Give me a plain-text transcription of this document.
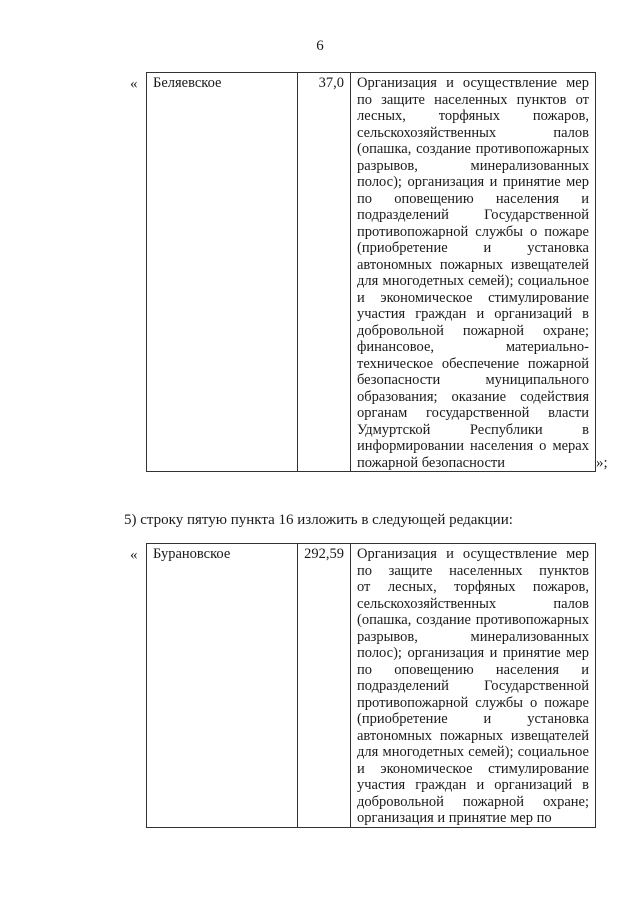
6
« Беляевское	37,0	Организация и осуществление мер
по защите населенных пунктов от
лесных, торфяных пожаров,
сельскохозяйственных палов
(опашка, создание противопожарных
разрывов, минерализованных
полос); организация и принятие мер
по оповещению населения и
подразделений Государственной
противопожарной службы о пожаре
(приобретение и установка
автономных пожарных извещателей
для многодетных семей); социальное
и экономическое стимулирование
участия граждан и организаций в
добровольной пожарной охране;
финансовое, материально-
техническое обеспечение пожарной
безопасности муниципального
образования; оказание содействия
органам государственной власти
Удмуртской Республики в
информировании населения о мерах
пожарной безопасности	»;
5) строку пятую пункта 16 изложить в следующей редакции:
« Бурановское	292,59	Организация и осуществление мер
по защите населенных пунктов
от лесных, торфяных пожаров,
сельскохозяйственных палов
(опашка, создание противопожарных
разрывов, минерализованных
полос); организация и принятие мер
по оповещению населения и
подразделений Государственной
противопожарной службы о пожаре
(приобретение и установка
автономных пожарных извещателей
для многодетных семей); социальное
и экономическое стимулирование
участия граждан и организаций в
добровольной пожарной охране;
организация и принятие мер по
